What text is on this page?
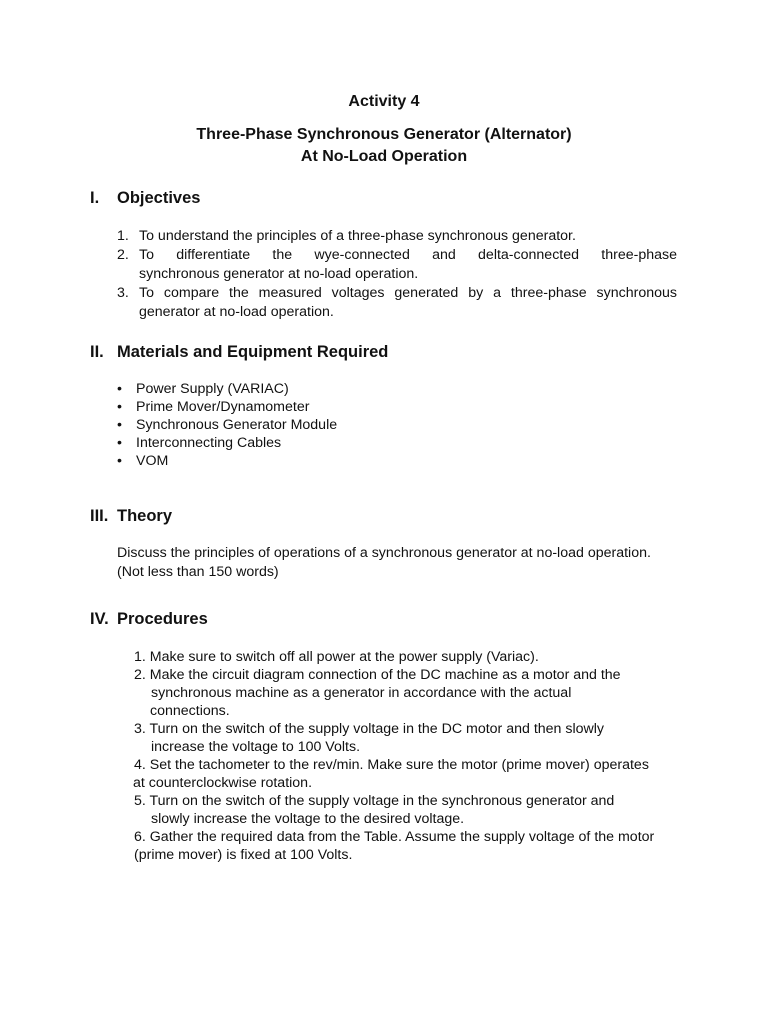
Activity 4
Three-Phase Synchronous Generator (Alternator)
At No-Load Operation
I. Objectives
1. To understand the principles of a three-phase synchronous generator.
2. To differentiate the wye-connected and delta-connected three-phase
synchronous generator at no-load operation.
3. To compare the measured voltages generated by a three-phase synchronous
generator at no-load operation.
II. Materials and Equipment Required
• Power Supply (VARIAC)
• Prime Mover/Dynamometer
• Synchronous Generator Module
• Interconnecting Cables
• VOM
III. Theory
Discuss the principles of operations of a synchronous generator at no-load operation.
(Not less than 150 words)
IV. Procedures
1. Make sure to switch off all power at the power supply (Variac).
2. Make the circuit diagram connection of the DC machine as a motor and the
synchronous machine as a generator in accordance with the actual
connections.
3. Turn on the switch of the supply voltage in the DC motor and then slowly
increase the voltage to 100 Volts.
4. Set the tachometer to the rev/min. Make sure the motor (prime mover) operates
at counterclockwise rotation.
5. Turn on the switch of the supply voltage in the synchronous generator and
slowly increase the voltage to the desired voltage.
6. Gather the required data from the Table. Assume the supply voltage of the motor
(prime mover) is fixed at 100 Volts.
